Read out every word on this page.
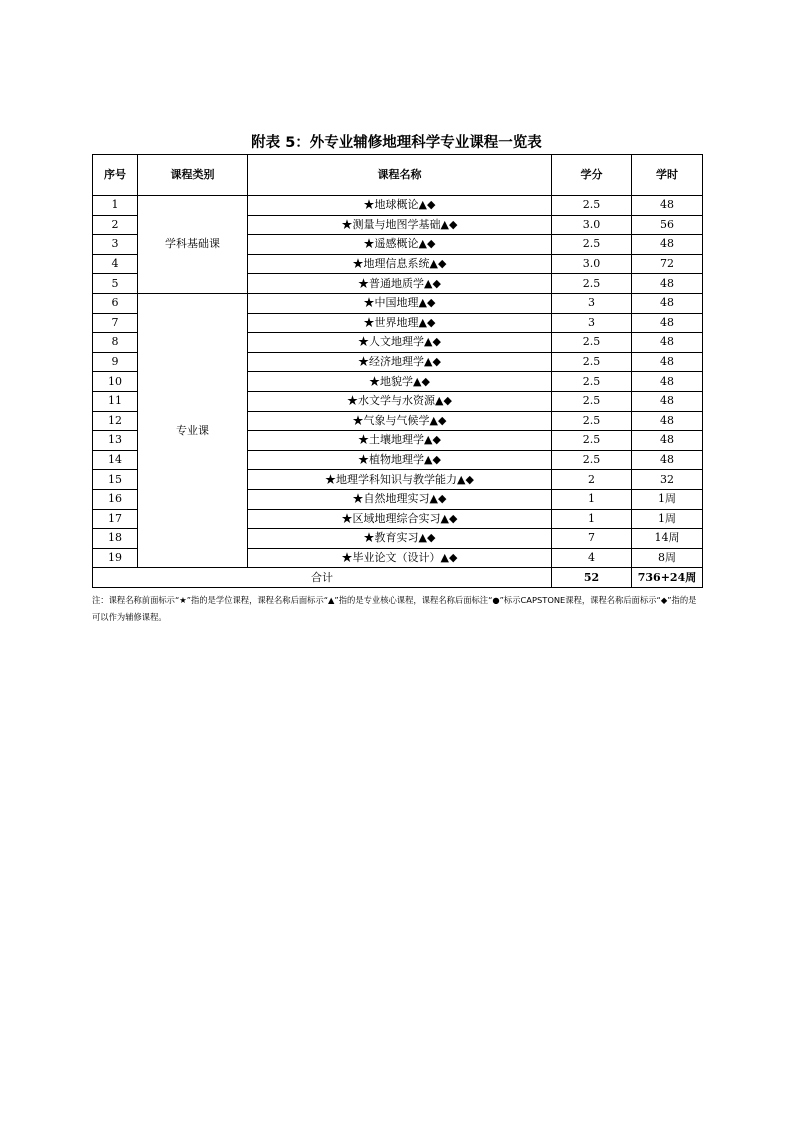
附表 5：外专业辅修地理科学专业课程一览表
序号	课程类别	课程名称	学分	学时
1	学科基础课	★地球概论▲◆	2.5	48
2		★测量与地图学基础▲◆	3.0	56
3		★遥感概论▲◆	2.5	48
4		★地理信息系统▲◆	3.0	72
5		★普通地质学▲◆	2.5	48
6	专业课	★中国地理▲◆	3	48
7		★世界地理▲◆	3	48
8		★人文地理学▲◆	2.5	48
9		★经济地理学▲◆	2.5	48
10		★地貌学▲◆	2.5	48
11		★水文学与水资源▲◆	2.5	48
12		★气象与气候学▲◆	2.5	48
13		★土壤地理学▲◆	2.5	48
14		★植物地理学▲◆	2.5	48
15		★地理学科知识与教学能力▲◆	2	32
16		★自然地理实习▲◆	1	1周
17		★区域地理综合实习▲◆	1	1周
18		★教育实习▲◆	7	14周
19		★毕业论文（设计）▲◆	4	8周
合计			52	736+24周
注：课程名称前面标示“★”指的是学位课程，课程名称后面标示“▲”指的是专业核心课程，课程名称后面标注“●”标示CAPSTONE课程，课程名称后面标示“◆”指的是可以作为辅修课程。
